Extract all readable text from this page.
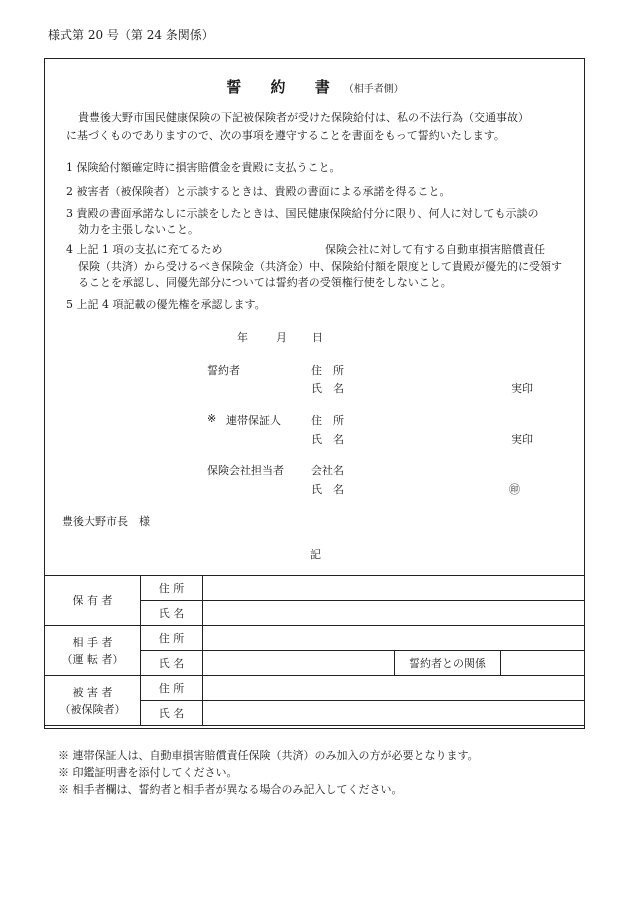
様式第 20 号（第 24 条関係）
誓 約 書 （相手者側）
貴豊後大野市国民健康保険の下記被保険者が受けた保険給付は、私の不法行為（交通事故）
に基づくものでありますので、次の事項を遵守することを書面をもって誓約いたします。
1 保険給付額確定時に損害賠償金を貴殿に支払うこと。
2 被害者（被保険者）と示談するときは、貴殿の書面による承諾を得ること。
3 貴殿の書面承諾なしに示談をしたときは、国民健康保険給付分に限り、何人に対しても示談の
効力を主張しないこと。
4 上記 1 項の支払に充てるため	保険会社に対して有する自動車損害賠償責任
保険（共済）から受けるべき保険金（共済金）中、保険給付額を限度として貴殿が優先的に受領す
ることを承認し、同優先部分については誓約者の受領権行使をしないこと。
5 上記 4 項記載の優先権を承認します。
年	月 日
誓約者	住　所
氏　名	実印
※ 連帯保証人	住　所
氏　名	実印
保険会社担当者 会社名
氏　名	㊞
豊後大野市長　様
記
保 有 者	住 所			
	氏 名			

相 手 者
（運 転 者）	住 所			
	氏 名		誓約者との関係	

被 害 者
（被保険者）	住 所			
	氏 名			
※ 連帯保証人は、自動車損害賠償責任保険（共済）のみ加入の方が必要となります。
※ 印鑑証明書を添付してください。
※ 相手者欄は、誓約者と相手者が異なる場合のみ記入してください。
